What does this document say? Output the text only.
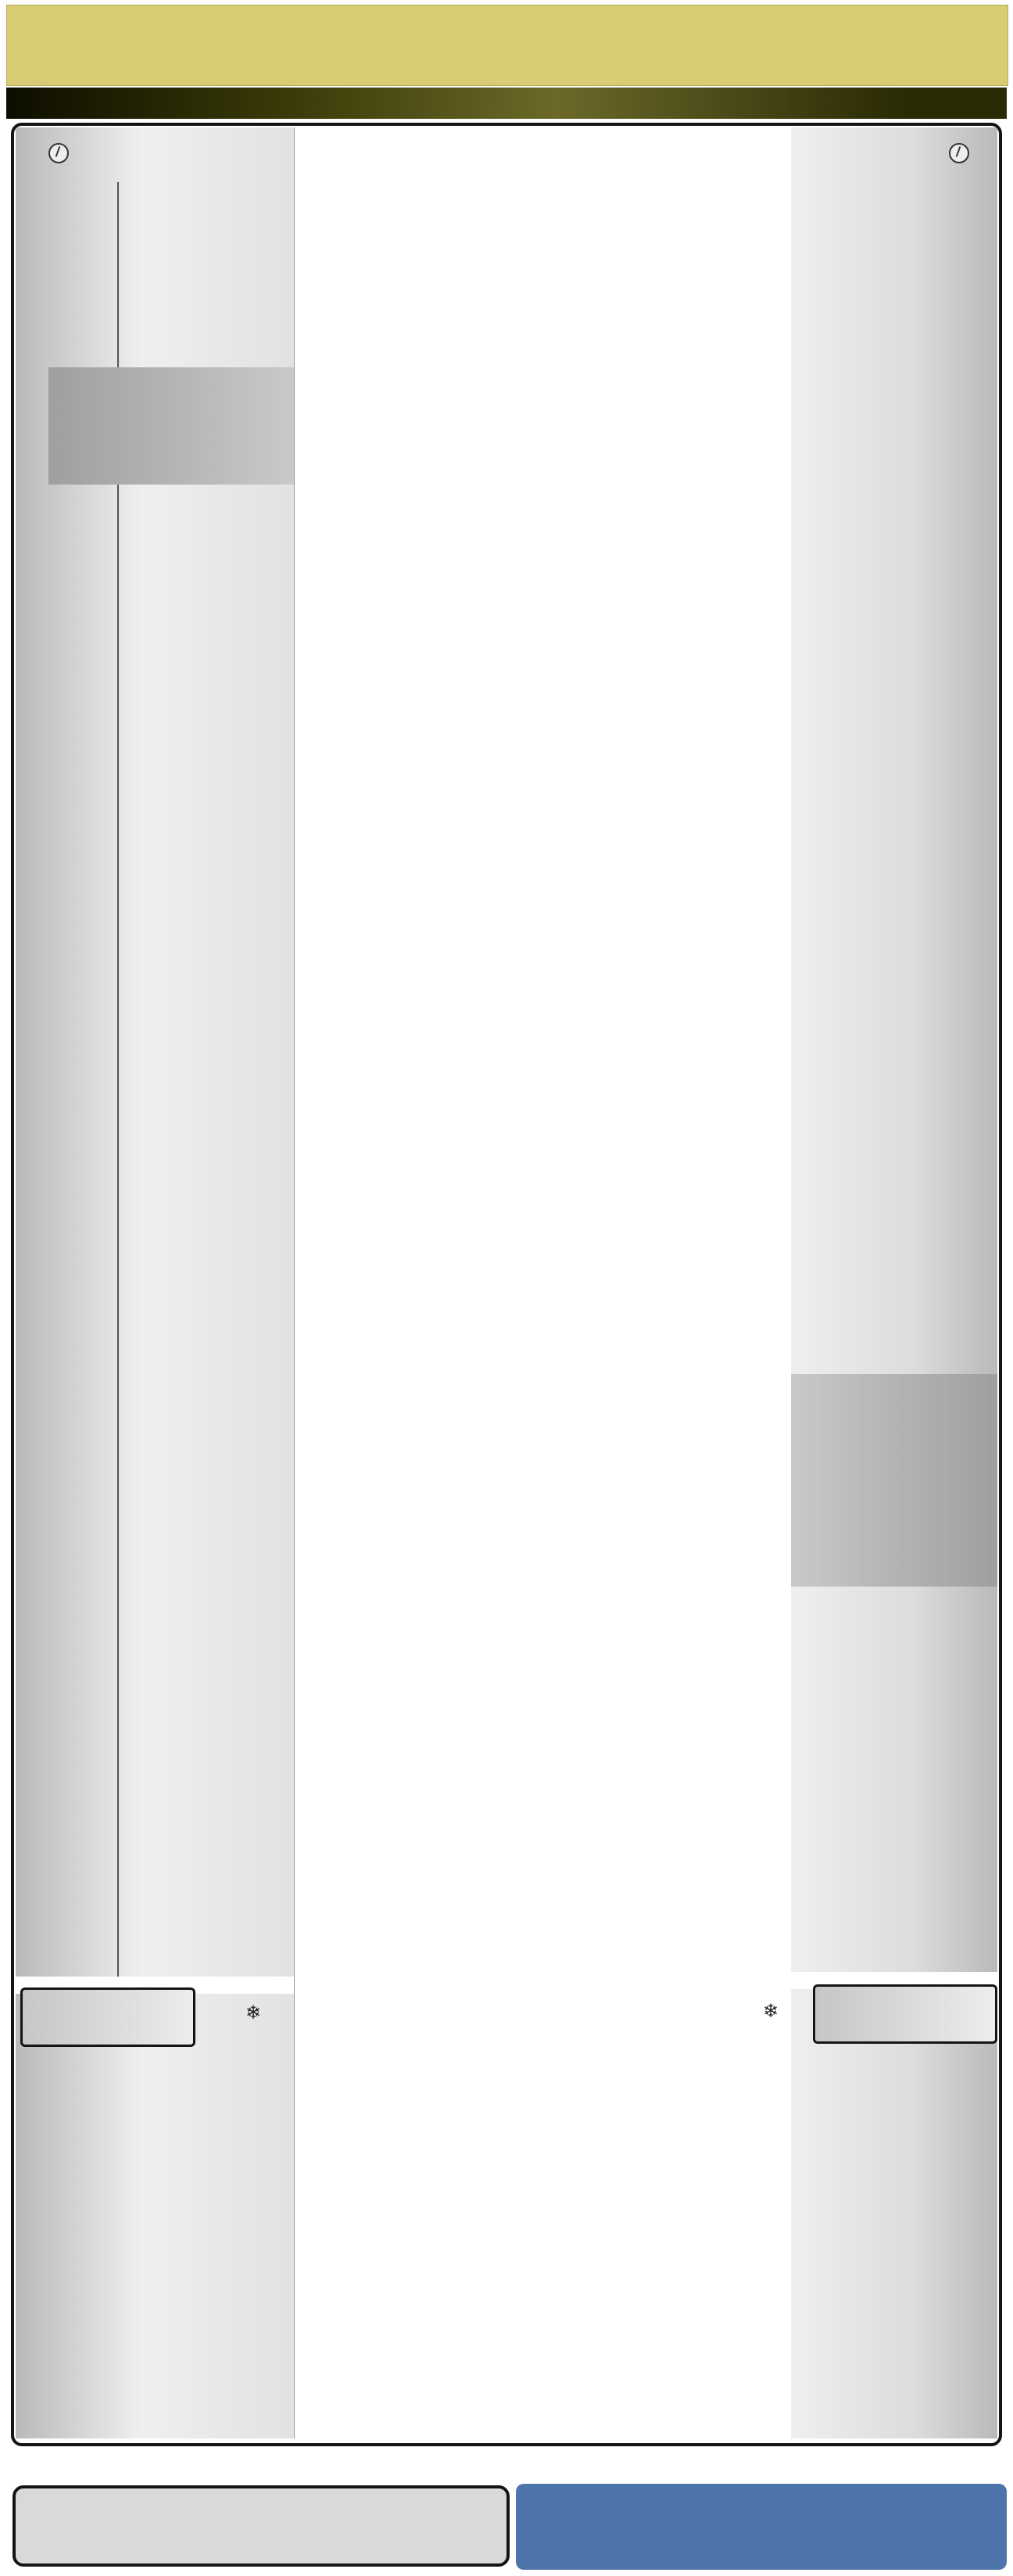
❄	❄
